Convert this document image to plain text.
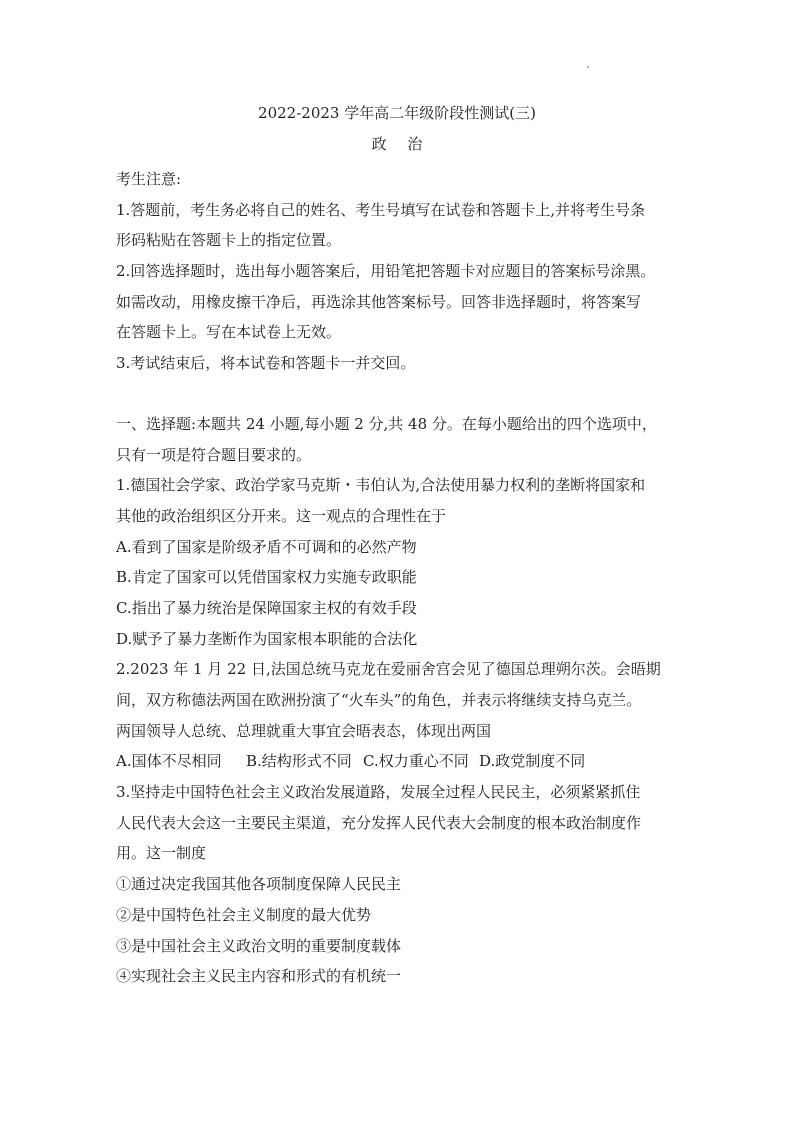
2022-2023 学年高二年级阶段性测试(三)
政 治
考生注意:
1.答题前，考生务必将自己的姓名、考生号填写在试卷和答题卡上,并将考生号条
形码粘贴在答题卡上的指定位置。
2.回答选择题时，选出每小题答案后，用铅笔把答题卡对应题目的答案标号涂黑。
如需改动，用橡皮擦干净后，再选涂其他答案标号。回答非选择题时，将答案写
在答题卡上。写在本试卷上无效。
3.考试结束后，将本试卷和答题卡一并交回。
一、选择题:本题共 24 小题,每小题 2 分,共 48 分。在每小题给出的四个选项中，
只有一项是符合题目要求的。
1.德国社会学家、政治学家马克斯・韦伯认为,合法使用暴力权利的垄断将国家和
其他的政治组织区分开来。这一观点的合理性在于
A.看到了国家是阶级矛盾不可调和的必然产物
B.肯定了国家可以凭借国家权力实施专政职能
C.指出了暴力统治是保障国家主权的有效手段
D.赋予了暴力垄断作为国家根本职能的合法化
2.2023 年 1 月 22 日,法国总统马克龙在爱丽舍宫会见了德国总理朔尔茨。会晤期
间，双方称德法两国在欧洲扮演了“火车头”的角色，并表示将继续支持乌克兰。
两国领导人总统、总理就重大事宜会晤表态，体现出两国
A.国体不尽相同	B.结构形式不同 C.权力重心不同 D.政党制度不同
3.坚持走中国特色社会主义政治发展道路，发展全过程人民民主，必须紧紧抓住
人民代表大会这一主要民主渠道，充分发挥人民代表大会制度的根本政治制度作
用。这一制度
①通过决定我国其他各项制度保障人民民主
②是中国特色社会主义制度的最大优势
③是中国社会主义政治文明的重要制度载体
④实现社会主义民主内容和形式的有机统一
